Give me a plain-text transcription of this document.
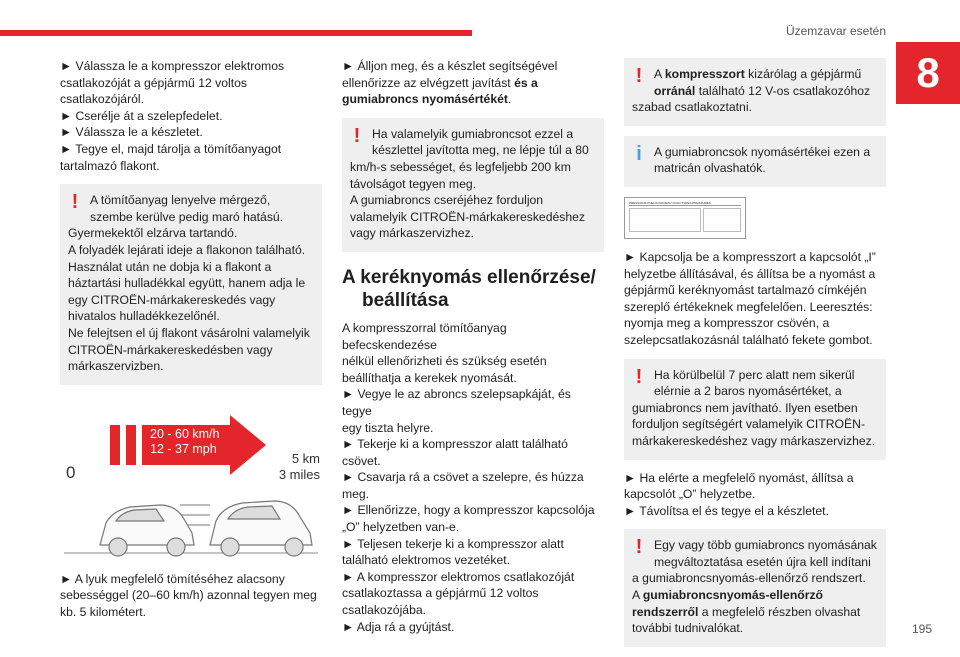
Üzemzavar esetén
8
► Válassza le a kompresszor elektromos
csatlakozóját a gépjármű 12 voltos
csatlakozójáról.
► Cserélje át a szelepfedelet.
► Válassza le a készletet.
► Tegye el, majd tárolja a tömítőanyagot
tartalmazó flakont.
! A tömítőanyag lenyelve mérgező,
szembe kerülve pedig maró hatású.
Gyermekektől elzárva tartandó.
A folyadék lejárati ideje a flakonon található.
Használat után ne dobja ki a flakont a
háztartási hulladékkal együtt, hanem adja le
egy CITROËN-márkakereskedés vagy
hivatalos hulladékkezelőnél.
Ne felejtsen el új flakont vásárolni valamelyik
CITROËN-márkakereskedésben vagy
márkaszervizben.
20 - 60 km/h
12 - 37 mph
0
5 km
3 miles
► A lyuk megfelelő tömítéséhez alacsony
sebességgel (20–60 km/h) azonnal tegyen meg
kb. 5 kilométert.
► Álljon meg, és a készlet segítségével
ellenőrizze az elvégzett javítást és a
gumiabroncs nyomásértékét.
! Ha valamelyik gumiabroncsot ezzel a
készlettel javította meg, ne lépje túl a 80
km/h-s sebességet, és legfeljebb 200 km
távolságot tegyen meg.
A gumiabroncs cseréjéhez forduljon
valamelyik CITROËN-márkakereskedéshez
vagy márkaszervizhez.
A keréknyomás ellenőrzése/
beállítása
A kompresszorral tömítőanyag befecskendezése
nélkül ellenőrizheti és szükség esetén
beállíthatja a kerekek nyomását.
► Vegye le az abroncs szelepsapkáját, és tegye
egy tiszta helyre.
► Tekerje ki a kompresszor alatt található
csövet.
► Csavarja rá a csövet a szelepre, és húzza
meg.
► Ellenőrizze, hogy a kompresszor kapcsolója
„O” helyzetben van-e.
► Teljesen tekerje ki a kompresszor alatt
található elektromos vezetéket.
► A kompresszor elektromos csatlakozóját
csatlakoztassa a gépjármű 12 voltos
csatlakozójába.
► Adja rá a gyújtást.
! A kompresszort kizárólag a gépjármű
orránál található 12 V-os csatlakozóhoz
szabad csatlakoztatni.
i	A gumiabroncsok nyomásértékei ezen a
matricán olvashatók.
PRESSIONS PNEUS FROIDS / COLD TYRES PRESSURES
► Kapcsolja be a kompresszort a kapcsolót „I”
helyzetbe állításával, és állítsa be a nyomást a
gépjármű keréknyomást tartalmazó címkéjén
szereplő értékeknek megfelelően. Leeresztés:
nyomja meg a kompresszor csövén, a
szelepcsatlakozásnál található fekete gombot.
! Ha körülbelül 7 perc alatt nem sikerül
elérnie a 2 baros nyomásértéket, a
gumiabroncs nem javítható. Ilyen esetben
forduljon segítségért valamelyik CITROËN-
márkakereskedéshez vagy márkaszervizhez.
► Ha elérte a megfelelő nyomást, állítsa a
kapcsolót „O” helyzetbe.
► Távolítsa el és tegye el a készletet.
! Egy vagy több gumiabroncs nyomásának
megváltoztatása esetén újra kell indítani
a gumiabroncsnyomás-ellenőrző rendszert.
A gumiabroncsnyomás-ellenőrző
rendszerről a megfelelő részben olvashat
további tudnivalókat.	195
